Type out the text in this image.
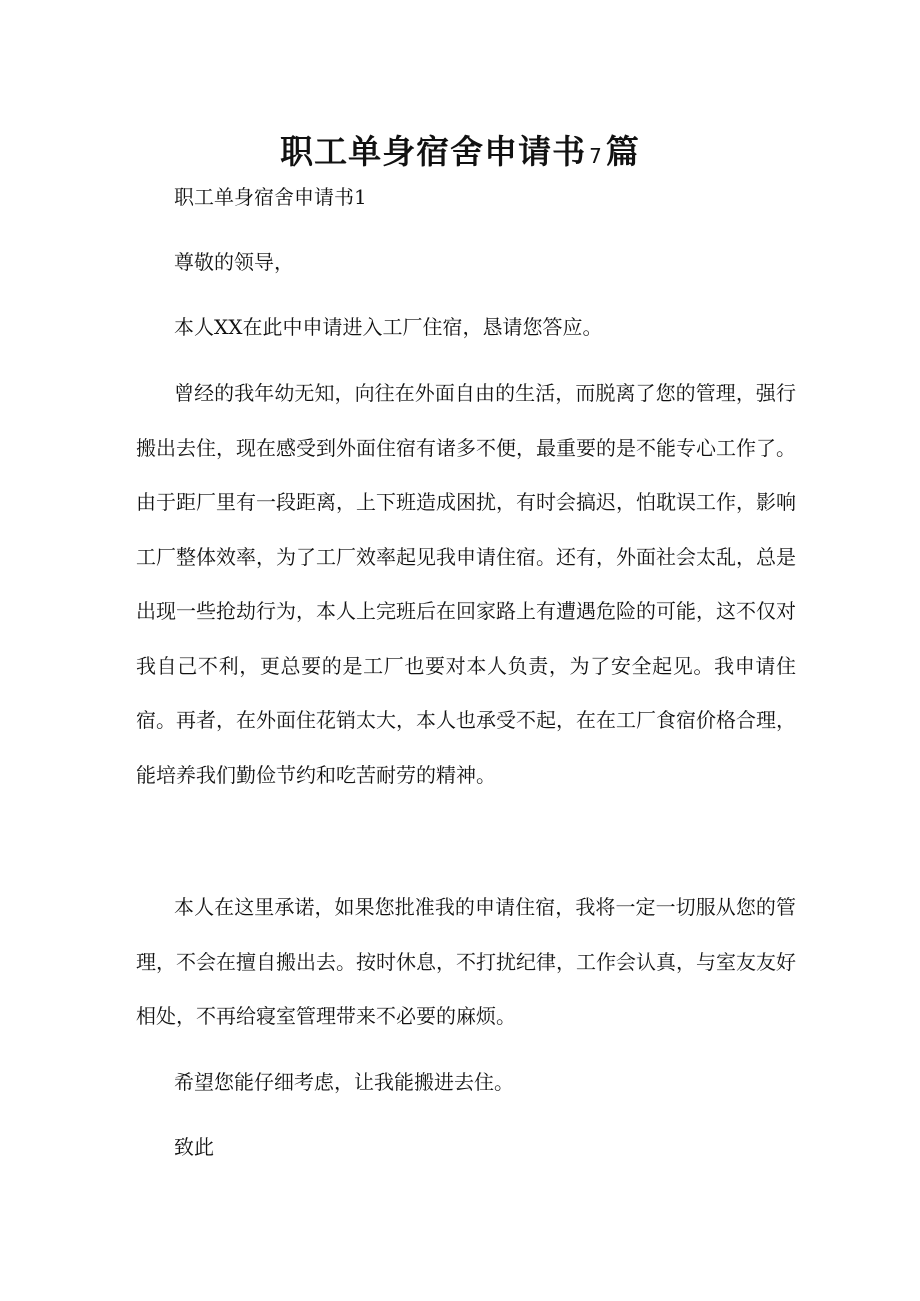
职工单身宿舍申请书 7篇

职工单身宿舍申请书1

尊敬的领导，

本人XX在此中申请进入工厂住宿，恳请您答应。

曾经的我年幼无知，向往在外面自由的生活，而脱离了您的管理，强行搬出去住，现在感受到外面住宿有诸多不便，最重要的是不能专心工作了。由于距厂里有一段距离，上下班造成困扰，有时会搞迟，怕耽误工作，影响工厂整体效率，为了工厂效率起见我申请住宿。还有，外面社会太乱，总是出现一些抢劫行为，本人上完班后在回家路上有遭遇危险的可能，这不仅对我自己不利，更总要的是工厂也要对本人负责，为了安全起见。我申请住宿。再者，在外面住花销太大，本人也承受不起，在在工厂食宿价格合理，能培养我们勤俭节约和吃苦耐劳的精神。

本人在这里承诺，如果您批准我的申请住宿，我将一定一切服从您的管理，不会在擅自搬出去。按时休息，不打扰纪律，工作会认真，与室友友好相处，不再给寝室管理带来不必要的麻烦。

希望您能仔细考虑，让我能搬进去住。

致此
